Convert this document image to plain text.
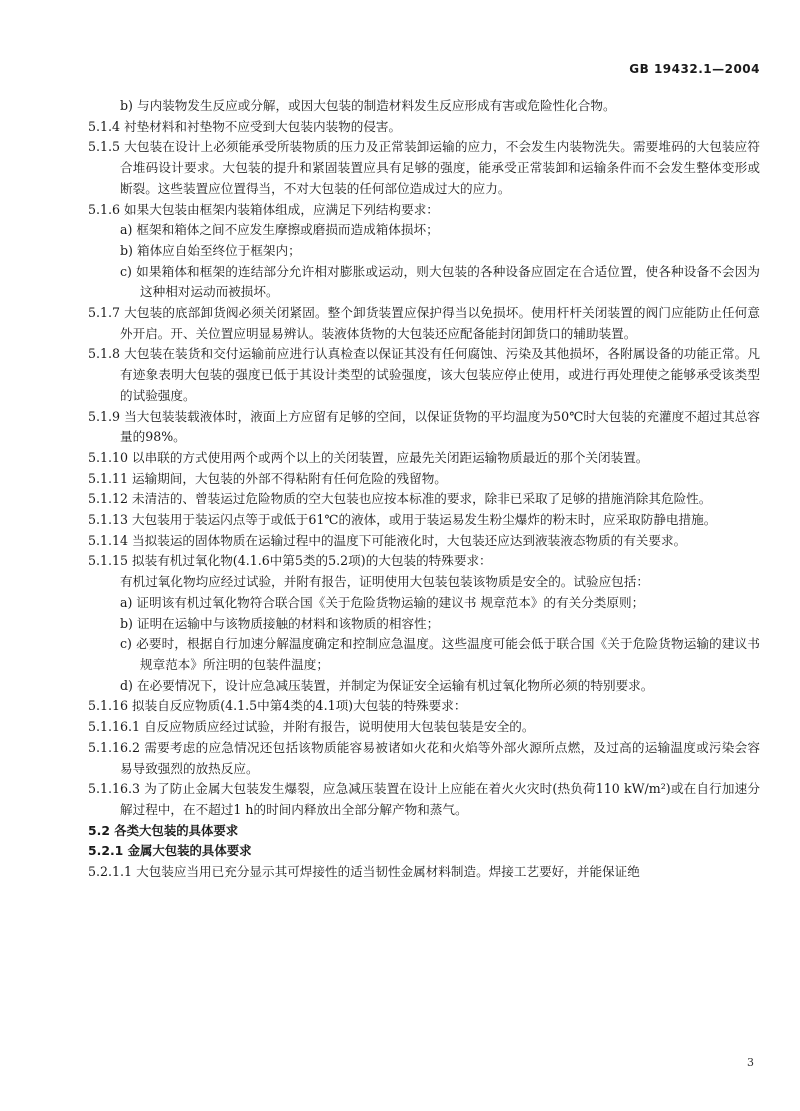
GB 19432.1—2004

b) 与内装物发生反应或分解，或因大包装的制造材料发生反应形成有害或危险性化合物。

5.1.4 衬垫材料和衬垫物不应受到大包装内装物的侵害。

5.1.5 大包装在设计上必须能承受所装物质的压力及正常装卸运输的应力，不会发生内装物洗失。需要堆码的大包装应符合堆码设计要求。大包装的提升和紧固装置应具有足够的强度，能承受正常装卸和运输条件而不会发生整体变形或断裂。这些装置应位置得当，不对大包装的任何部位造成过大的应力。

5.1.6 如果大包装由框架内装箱体组成，应满足下列结构要求：

a) 框架和箱体之间不应发生摩擦或磨损而造成箱体损坏；

b) 箱体应自始至终位于框架内；

c) 如果箱体和框架的连结部分允许相对膨胀或运动，则大包装的各种设备应固定在合适位置，使各种设备不会因为这种相对运动而被损坏。

5.1.7 大包装的底部卸货阀必须关闭紧固。整个卸货装置应保护得当以免损坏。使用杆杆关闭装置的阀门应能防止任何意外开启。开、关位置应明显易辨认。装液体货物的大包装还应配备能封闭卸货口的辅助装置。

5.1.8 大包装在装货和交付运输前应进行认真检查以保证其没有任何腐蚀、污染及其他损坏，各附属设备的功能正常。凡有迹象表明大包装的强度已低于其设计类型的试验强度，该大包装应停止使用，或进行再处理使之能够承受该类型的试验强度。

5.1.9 当大包装装载液体时，液面上方应留有足够的空间，以保证货物的平均温度为50℃时大包装的充灌度不超过其总容量的98%。

5.1.10 以串联的方式使用两个或两个以上的关闭装置，应最先关闭距运输物质最近的那个关闭装置。

5.1.11 运输期间，大包装的外部不得粘附有任何危险的残留物。

5.1.12 未清洁的、曾装运过危险物质的空大包装也应按本标准的要求，除非已采取了足够的措施消除其危险性。

5.1.13 大包装用于装运闪点等于或低于61℃的液体，或用于装运易发生粉尘爆炸的粉末时，应采取防静电措施。

5.1.14 当拟装运的固体物质在运输过程中的温度下可能液化时，大包装还应达到液装液态物质的有关要求。

5.1.15 拟装有机过氧化物(4.1.6中第5类的5.2项)的大包装的特殊要求：

有机过氧化物均应经过试验，并附有报告，证明使用大包装包装该物质是安全的。试验应包括：

a) 证明该有机过氧化物符合联合国《关于危险货物运输的建议书 规章范本》的有关分类原则；

b) 证明在运输中与该物质接触的材料和该物质的相容性；

c) 必要时，根据自行加速分解温度确定和控制应急温度。这些温度可能会低于联合国《关于危险货物运输的建议书 规章范本》所注明的包装件温度；

d) 在必要情况下，设计应急减压装置，并制定为保证安全运输有机过氧化物所必须的特别要求。

5.1.16 拟装自反应物质(4.1.5中第4类的4.1项)大包装的特殊要求：

5.1.16.1 自反应物质应经过试验，并附有报告，说明使用大包装包装是安全的。

5.1.16.2 需要考虑的应急情况还包括该物质能容易被诸如火花和火焰等外部火源所点燃，及过高的运输温度或污染会容易导致强烈的放热反应。

5.1.16.3 为了防止金属大包装发生爆裂，应急减压装置在设计上应能在着火火灾时(热负荷110 kW/m²)或在自行加速分解过程中，在不超过1 h的时间内释放出全部分解产物和蒸气。

5.2 各类大包装的具体要求

5.2.1 金属大包装的具体要求

5.2.1.1 大包装应当用已充分显示其可焊接性的适当韧性金属材料制造。焊接工艺要好，并能保证绝

3
